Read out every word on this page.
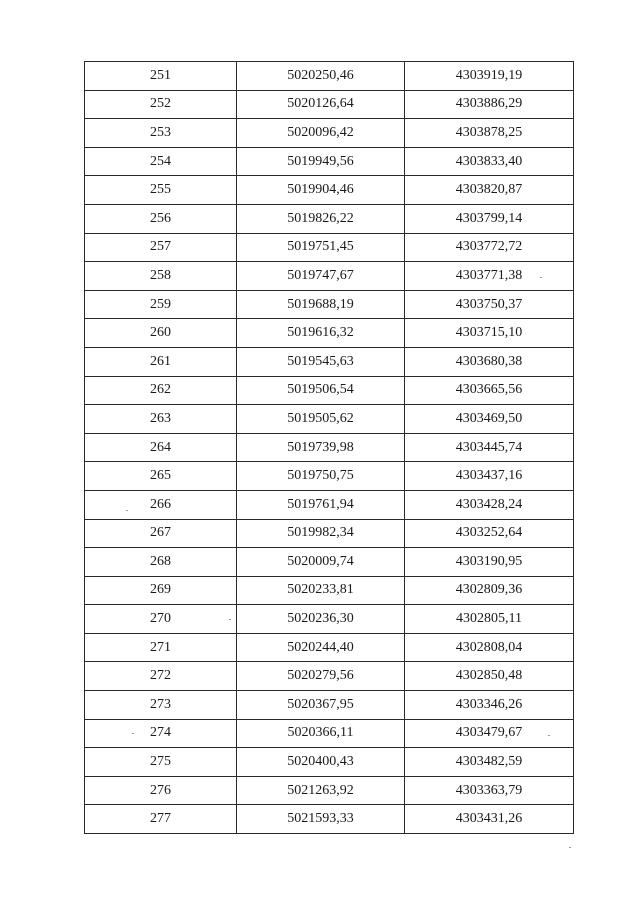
251	5020250,46	4303919,19
252	5020126,64	4303886,29
253	5020096,42	4303878,25
254	5019949,56	4303833,40
255	5019904,46	4303820,87
256	5019826,22	4303799,14
257	5019751,45	4303772,72
258	5019747,67	4303771,38
259	5019688,19	4303750,37
260	5019616,32	4303715,10
261	5019545,63	4303680,38
262	5019506,54	4303665,56
263	5019505,62	4303469,50
264	5019739,98	4303445,74
265	5019750,75	4303437,16
266	5019761,94	4303428,24
267	5019982,34	4303252,64
268	5020009,74	4303190,95
269	5020233,81	4302809,36
270	5020236,30	4302805,11
271	5020244,40	4302808,04
272	5020279,56	4302850,48
273	5020367,95	4303346,26
274	5020366,11	4303479,67
275	5020400,43	4303482,59
276	5021263,92	4303363,79
277	5021593,33	4303431,26
